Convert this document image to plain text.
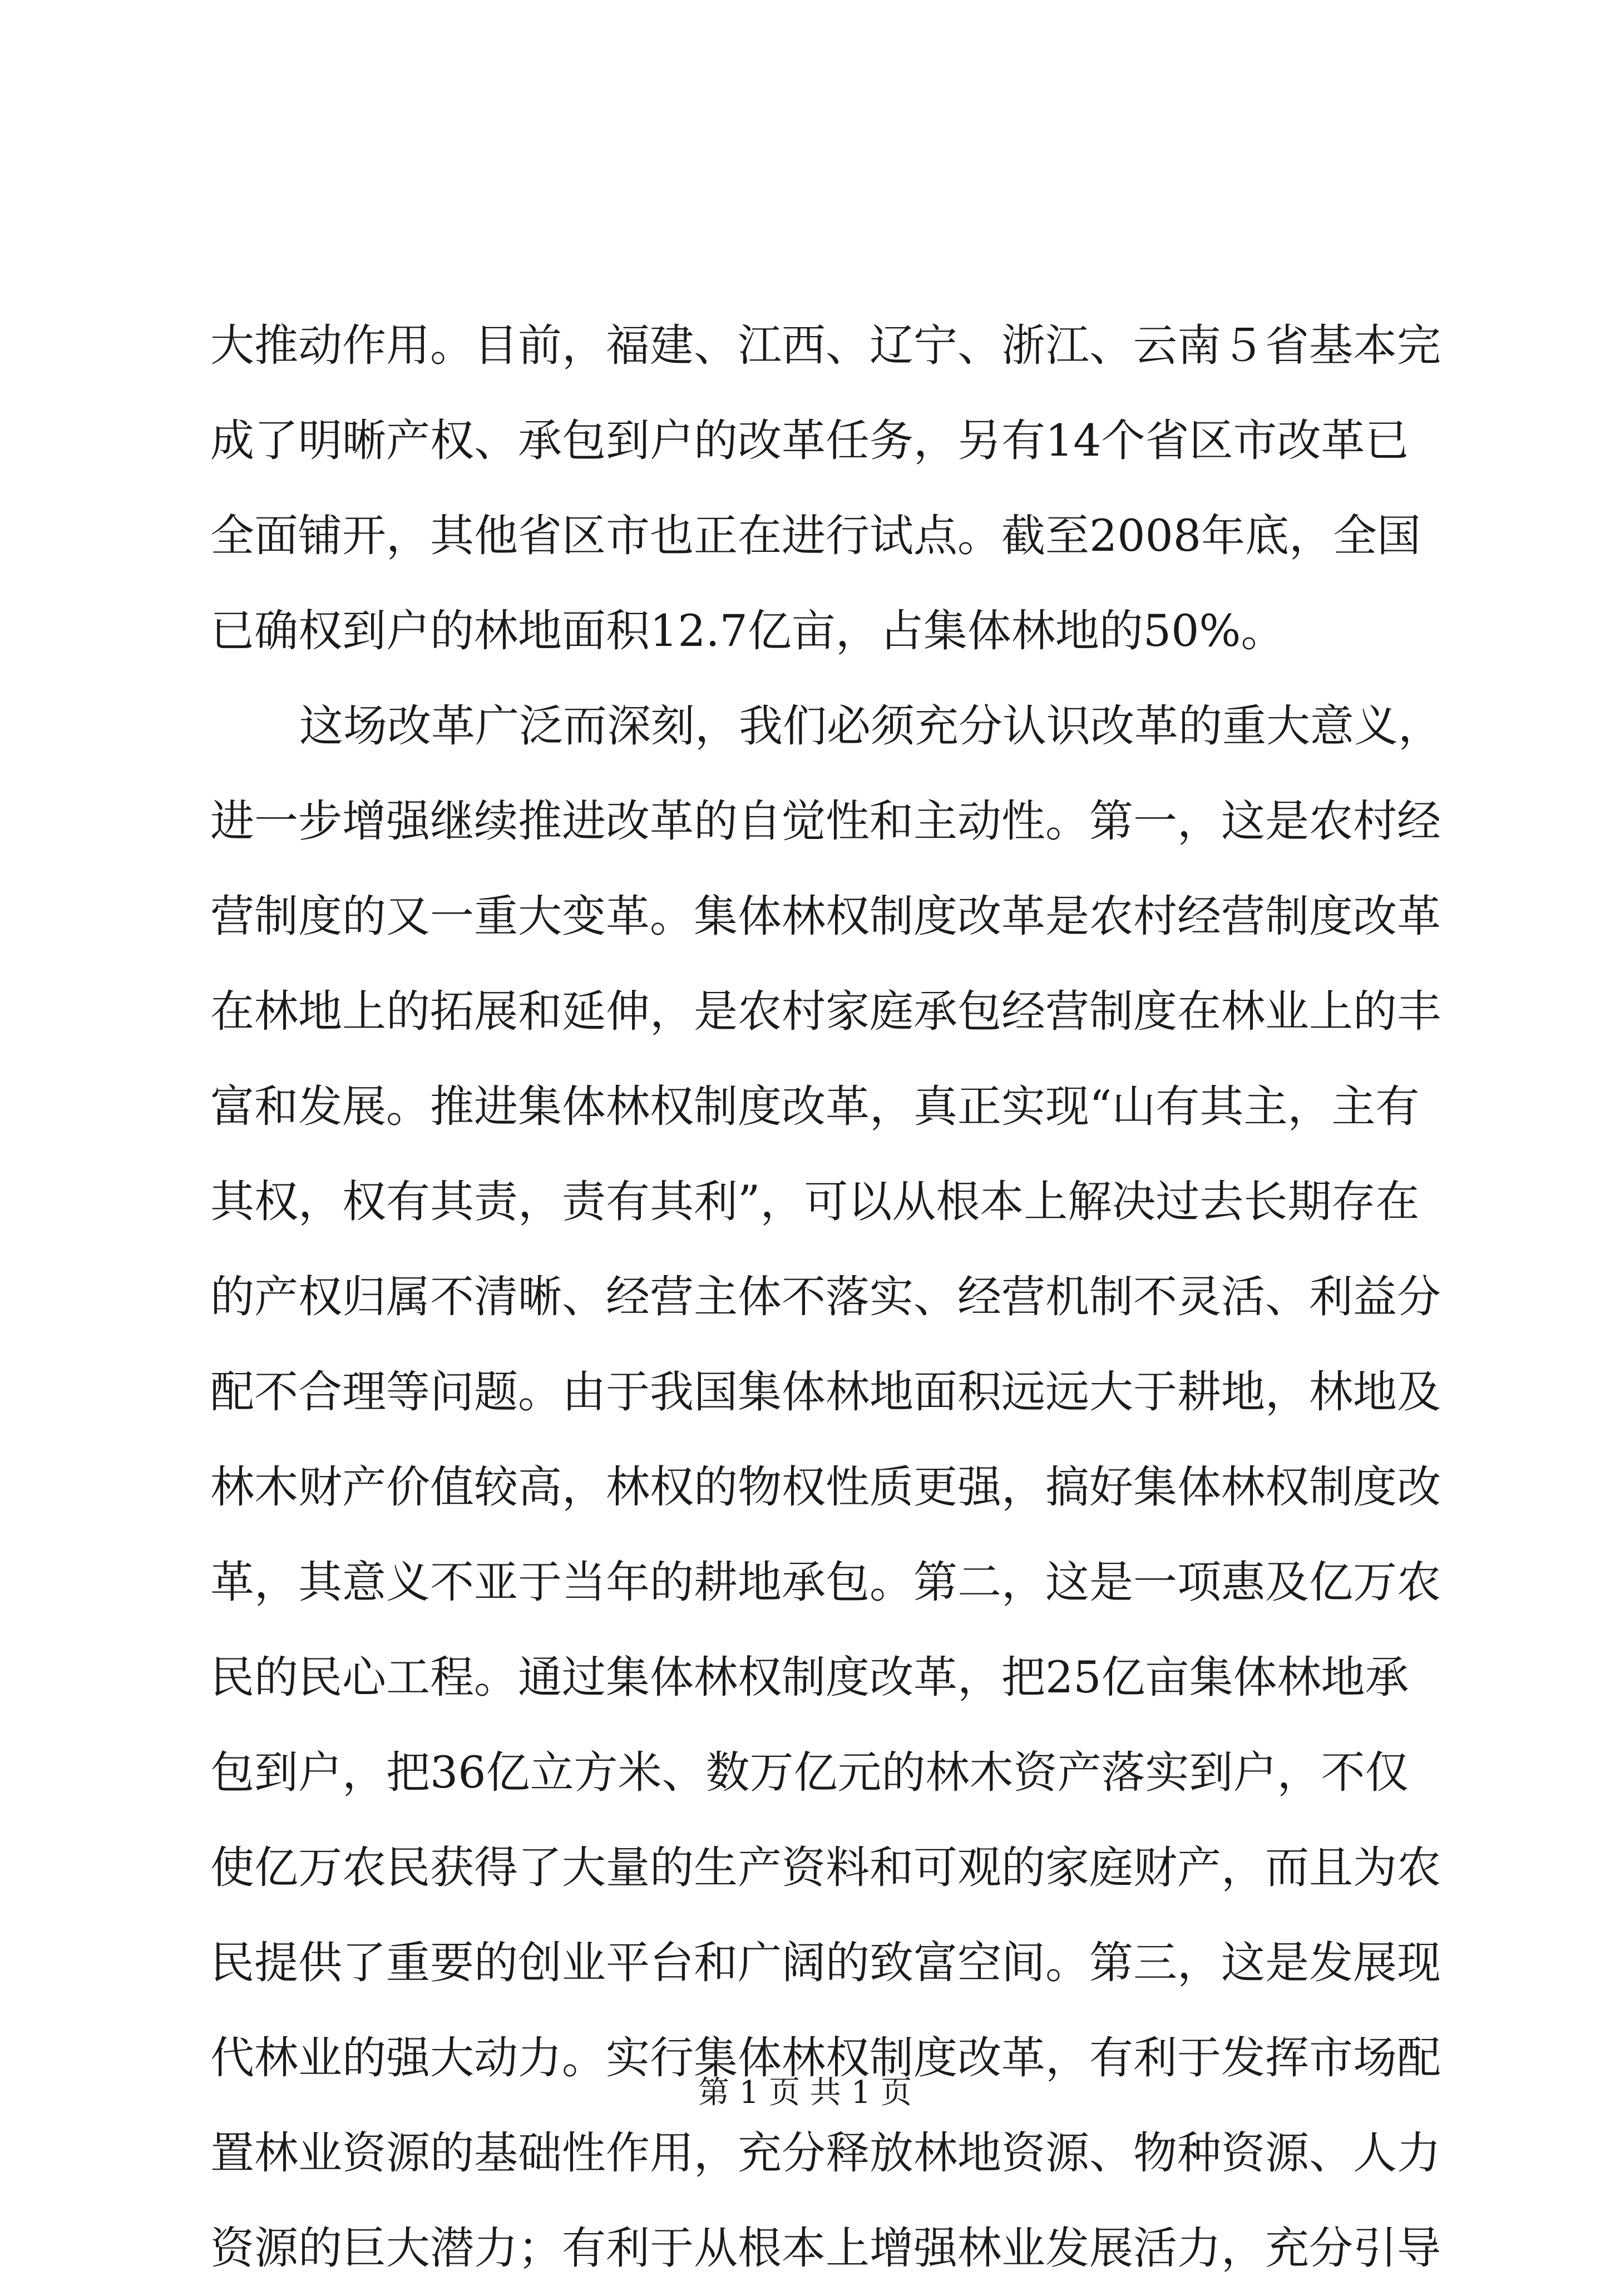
大推动作用。目前，福建、江西、辽宁、浙江、云南５省基本完
成了明晰产权、承包到户的改革任务，另有14个省区市改革已
全面铺开，其他省区市也正在进行试点。截至2008年底，全国
已确权到户的林地面积12.7亿亩，占集体林地的50%。
这场改革广泛而深刻，我们必须充分认识改革的重大意义，
进一步增强继续推进改革的自觉性和主动性。第一，这是农村经
营制度的又一重大变革。集体林权制度改革是农村经营制度改革
在林地上的拓展和延伸，是农村家庭承包经营制度在林业上的丰
富和发展。推进集体林权制度改革，真正实现“山有其主，主有
其权，权有其责，责有其利”，可以从根本上解决过去长期存在
的产权归属不清晰、经营主体不落实、经营机制不灵活、利益分
配不合理等问题。由于我国集体林地面积远远大于耕地，林地及
林木财产价值较高，林权的物权性质更强，搞好集体林权制度改
革，其意义不亚于当年的耕地承包。第二，这是一项惠及亿万农
民的民心工程。通过集体林权制度改革，把25亿亩集体林地承
包到户，把36亿立方米、数万亿元的林木资产落实到户，不仅
使亿万农民获得了大量的生产资料和可观的家庭财产，而且为农
民提供了重要的创业平台和广阔的致富空间。第三，这是发展现
代林业的强大动力。实行集体林权制度改革，有利于发挥市场配
置林业资源的基础性作用，充分释放林地资源、物种资源、人力
资源的巨大潜力；有利于从根本上增强林业发展活力，充分引导
第 1 页 共 1 页
